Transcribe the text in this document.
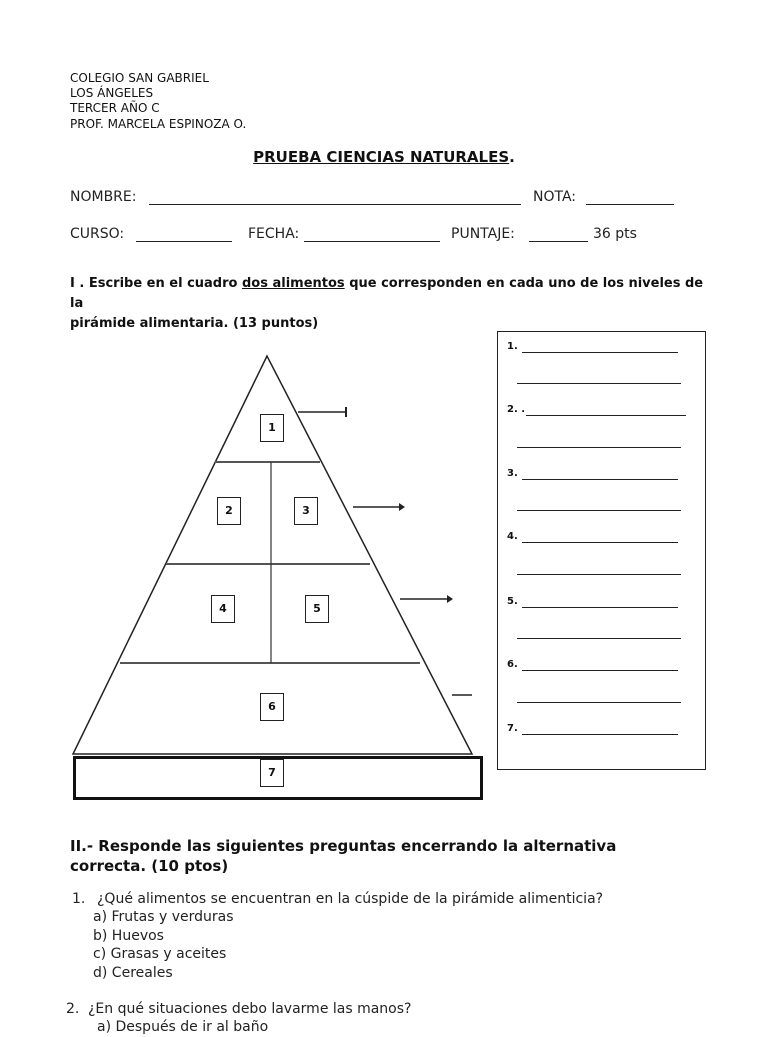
COLEGIO SAN GABRIEL
LOS ÁNGELES
TERCER AÑO C
PROF. MARCELA ESPINOZA O.
PRUEBA CIENCIAS NATURALES.
NOMBRE:	NOTA:
CURSO:	FECHA:	PUNTAJE:	36 pts
I . Escribe en el cuadro dos alimentos que corresponden en cada uno de los niveles de la
pirámide alimentaria. (13 puntos)
1
2	3
4	5
6
7
1.
2. .
3.
4.
5.
6.
7.
II.- Responde las siguientes preguntas encerrando la alternativa
correcta. (10 ptos)
1. ¿Qué alimentos se encuentran en la cúspide de la pirámide alimenticia?
a) Frutas y verduras
b) Huevos
c) Grasas y aceites
d) Cereales
2. ¿En qué situaciones debo lavarme las manos?
a) Después de ir al baño
